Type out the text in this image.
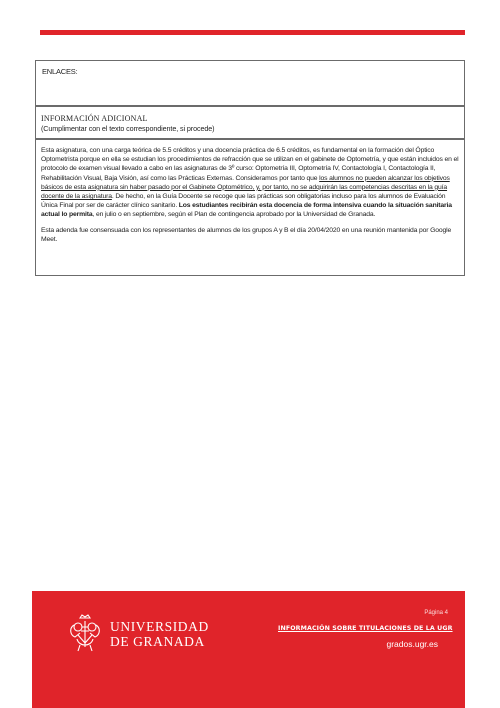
ENLACES:
INFORMACIÓN ADICIONAL
(Cumplimentar con el texto correspondiente, si procede)

Esta asignatura, con una carga teórica de 5.5 créditos y una docencia práctica de 6.5 créditos, es fundamental en la formación del Óptico Optometrista porque en ella se estudian los procedimientos de refracción que se utilizan en el gabinete de Optometría, y que están incluidos en el protocolo de examen visual llevado a cabo en las asignaturas de 3º curso: Optometría III, Optometría IV, Contactología I, Contactología II, Rehabilitación Visual, Baja Visión, así como las Prácticas Externas. Consideramos por tanto que los alumnos no pueden alcanzar los objetivos básicos de esta asignatura sin haber pasado por el Gabinete Optométrico, y, por tanto, no se adquirirán las competencias descritas en la guía docente de la asignatura. De hecho, en la Guía Docente se recoge que las prácticas son obligatorias incluso para los alumnos de Evaluación Única Final por ser de carácter clínico sanitario. Los estudiantes recibirán esta docencia de forma intensiva cuando la situación sanitaria actual lo permita, en julio o en septiembre, según el Plan de contingencia aprobado por la Universidad de Granada.

Esta adenda fue consensuada con los representantes de alumnos de los grupos A y B el día 20/04/2020 en una reunión mantenida por Google Meet.

UNIVERSIDAD
DE GRANADA
Página 4
INFORMACIÓN SOBRE TITULACIONES DE LA UGR
grados.ugr.es
